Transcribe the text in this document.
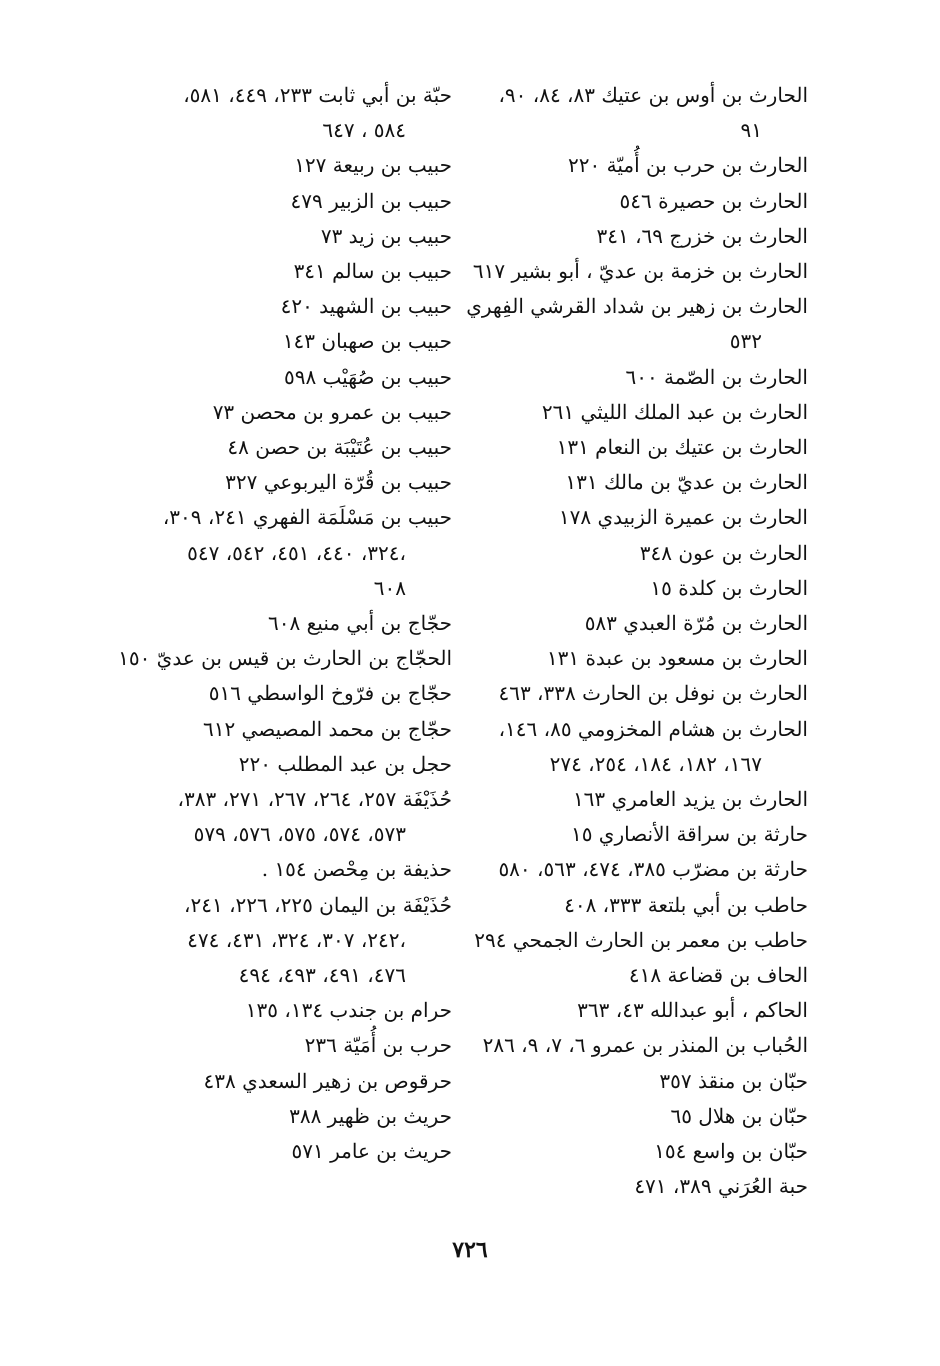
الحارث بن أوس بن عتيك ٨٣، ٨٤، ٩٠،
٩١
الحارث بن حرب بن أُميّة ٢٢٠
الحارث بن حصيرة ٥٤٦
الحارث بن خزرج ٦٩، ٣٤١
الحارث بن خزمة بن عديّ ، أبو بشير ٦١٧
الحارث بن زهير بن شداد القرشي الفِهري
٥٣٢
الحارث بن الصّمة ٦٠٠
الحارث بن عبد الملك الليثي ٢٦١
الحارث بن عتيك بن النعام ١٣١
الحارث بن عديّ بن مالك ١٣١
الحارث بن عميرة الزبيدي ١٧٨
الحارث بن عون ٣٤٨
الحارث بن كلدة ١٥
الحارث بن مُرّة العبدي ٥٨٣
الحارث بن مسعود بن عبدة ١٣١
الحارث بن نوفل بن الحارث ٣٣٨، ٤٦٣
الحارث بن هشام المخزومي ٨٥، ١٤٦،
١٦٧، ١٨٢، ١٨٤، ٢٥٤، ٢٧٤
الحارث بن يزيد العامري ١٦٣
حارثة بن سراقة الأنصاري ١٥
حارثة بن مضرّب ٣٨٥، ٤٧٤، ٥٦٣، ٥٨٠
حاطب بن أبي بلتعة ٣٣٣، ٤٠٨
حاطب بن معمر بن الحارث الجمحي ٢٩٤
الحاف بن قضاعة ٤١٨
الحاكم ، أبو عبدالله ٤٣، ٣٦٣
الحُباب بن المنذر بن عمرو ٦، ٧، ٩، ٢٨٦
حبّان بن منقذ ٣٥٧
حبّان بن هلال ٦٥
حبّان بن واسع ١٥٤
حبة العُرَني ٣٨٩، ٤٧١
حبّة بن أبي ثابت ٢٣٣، ٤٤٩، ٥٨١،
٥٨٤ ، ٦٤٧
حبيب بن ربيعة ١٢٧
حبيب بن الزبير ٤٧٩
حبيب بن زيد ٧٣
حبيب بن سالم ٣٤١
حبيب بن الشهيد ٤٢٠
حبيب بن صهبان ١٤٣
حبيب بن صُهَيْب ٥٩٨
حبيب بن عمرو بن محصن ٧٣
حبيب بن عُتَيْبَة بن حصن ٤٨
حبيب بن قُرّة اليربوعي ٣٢٧
حبيب بن مَسْلَمَة الفهري ٢٤١، ٣٠٩،
٣٢٤، ٤٤٠، ٤٥١، ٥٤٢، ٥٤٧،
٦٠٨
حجّاج بن أبي منيع ٦٠٨
الحجّاج بن الحارث بن قيس بن عديّ ١٥٠
حجّاج بن فرّوخ الواسطي ٥١٦
حجّاج بن محمد المصيصي ٦١٢
حجل بن عبد المطلب ٢٢٠
حُذَيْفَة ٢٥٧، ٢٦٤، ٢٦٧، ٢٧١، ٣٨٣،
٥٧٣، ٥٧٤، ٥٧٥، ٥٧٦، ٥٧٩
حذيفة بن مِحْصن ١٥٤ .
حُذَيْفَة بن اليمان ٢٢٥، ٢٢٦، ٢٤١،
٢٤٢، ٣٠٧، ٣٢٤، ٤٣١، ٤٧٤،
٤٧٦، ٤٩١، ٤٩٣، ٤٩٤
حرام بن جندب ١٣٤، ١٣٥
حرب بن أُمَيّة ٢٣٦
حرقوص بن زهير السعدي ٤٣٨
حريث بن ظهير ٣٨٨
حريث بن عامر ٥٧١
٧٢٦
